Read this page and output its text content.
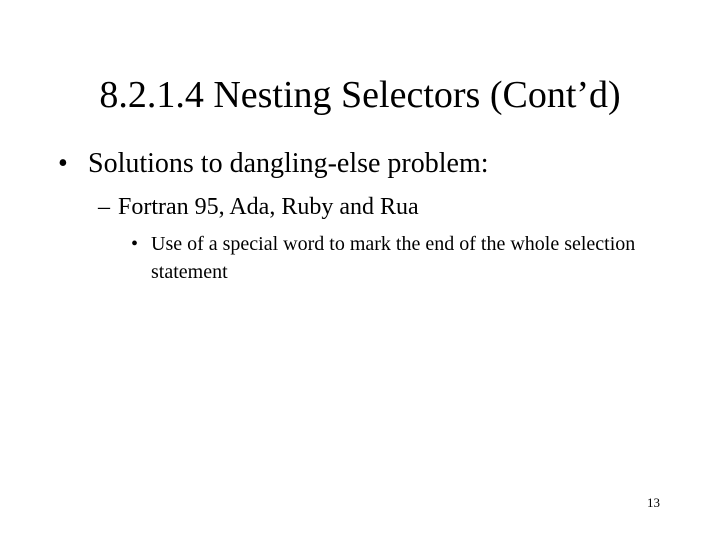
8.2.1.4 Nesting Selectors (Cont’d)
• Solutions to dangling-else problem:
– Fortran 95, Ada, Ruby and Rua
• Use of a special word to mark the end of the whole selection statement
13
